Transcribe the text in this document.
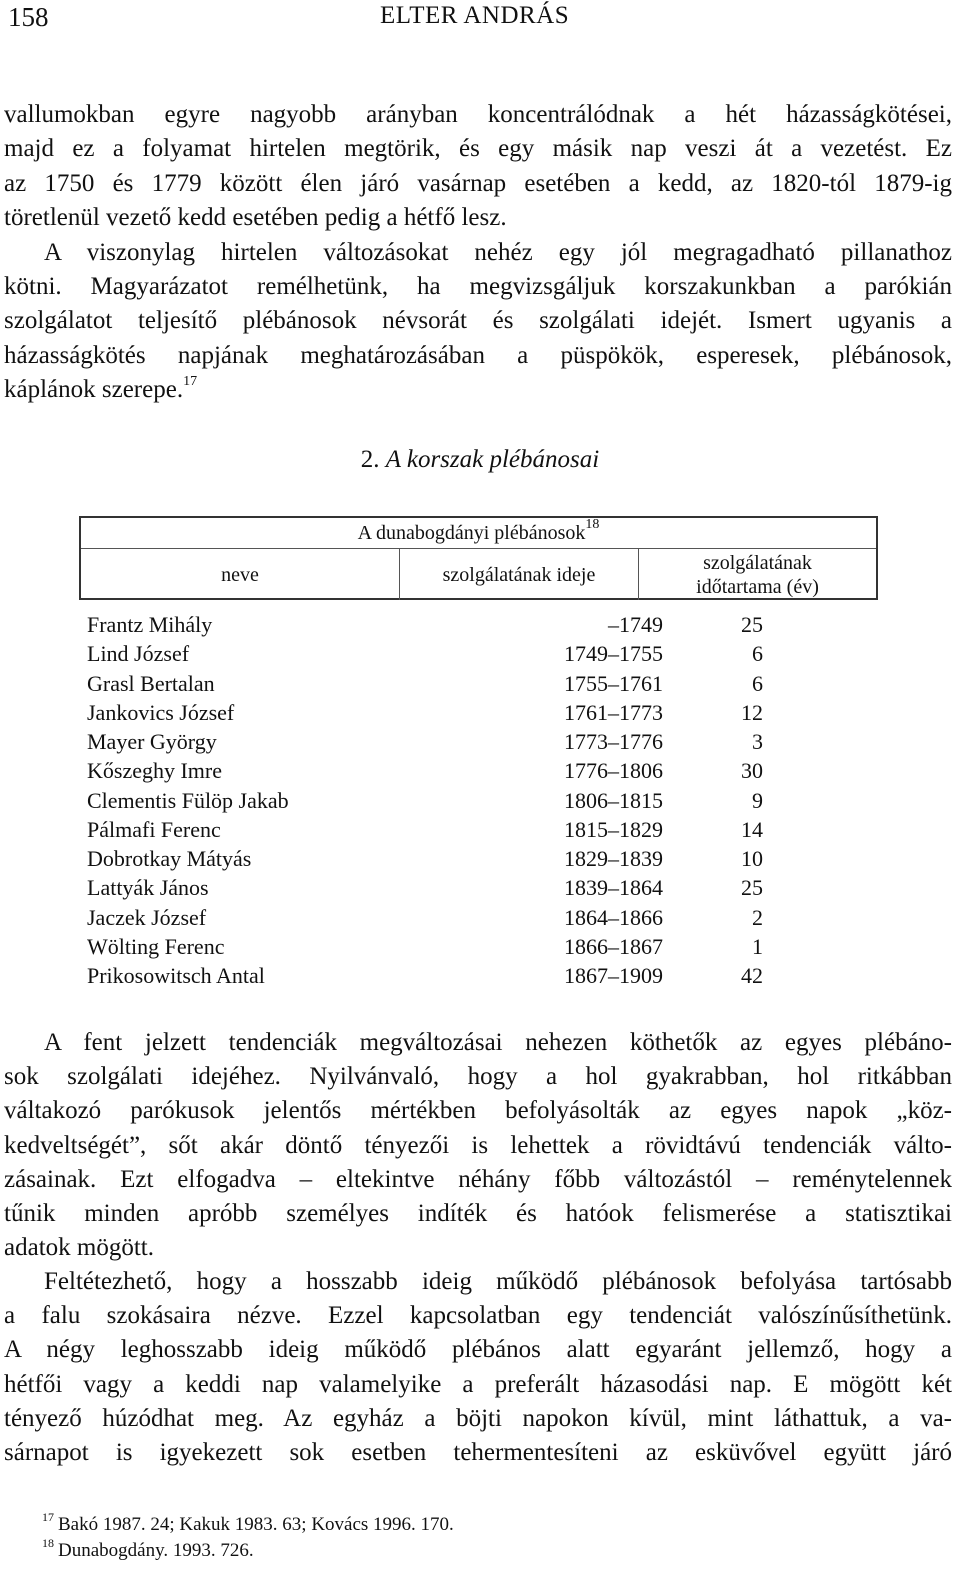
158	ELTER ANDRÁS
vallumokban egyre nagyobb arányban koncentrálódnak a hét házasságkötései,
majd ez a folyamat hirtelen megtörik, és egy másik nap veszi át a vezetést. Ez
az 1750 és 1779 között élen járó vasárnap esetében a kedd, az 1820-tól 1879-ig
töretlenül vezető kedd esetében pedig a hétfő lesz.
A viszonylag hirtelen változásokat nehéz egy jól megragadható pillanathoz
kötni. Magyarázatot remélhetünk, ha megvizsgáljuk korszakunkban a parókián
szolgálatot teljesítő plébánosok névsorát és szolgálati idejét. Ismert ugyanis a
házasságkötés napjának meghatározásában a püspökök, esperesek, plébánosok,
káplánok szerepe.$^{17}$
2. A korszak plébánosai
A dunabogdányi plébánosok$^{18}$
neve	szolgálatának ideje
szolgálatának
időtartama (év)
Frantz Mihály	–1749	25
Lind József	1749–1755	6
Grasl Bertalan	1755–1761	6
Jankovics József	1761–1773	12
Mayer György	1773–1776	3
Kőszeghy Imre	1776–1806	30
Clementis Fülöp Jakab	1806–1815	9
Pálmafi Ferenc	1815–1829	14
Dobrotkay Mátyás	1829–1839	10
Lattyák János	1839–1864	25
Jaczek József	1864–1866	2
Wölting Ferenc	1866–1867	1
Prikosowitsch Antal	1867–1909	42
A fent jelzett tendenciák megváltozásai nehezen köthetők az egyes plébáno-
sok szolgálati idejéhez. Nyilvánvaló, hogy a hol gyakrabban, hol ritkábban
váltakozó parókusok jelentős mértékben befolyásolták az egyes napok „köz-
kedveltségét”, sőt akár döntő tényezői is lehettek a rövidtávú tendenciák válto-
zásainak. Ezt elfogadva – eltekintve néhány főbb változástól – reménytelennek
tűnik minden apróbb személyes indíték és hatóok felismerése a statisztikai
adatok mögött.
Feltétezhető, hogy a hosszabb ideig működő plébánosok befolyása tartósabb
a falu szokásaira nézve. Ezzel kapcsolatban egy tendenciát valószínűsíthetünk.
A négy leghosszabb ideig működő plébános alatt egyaránt jellemző, hogy a
hétfői vagy a keddi nap valamelyike a preferált házasodási nap. E mögött két
tényező húzódhat meg. Az egyház a böjti napokon kívül, mint láthattuk, a va-
sárnapot is igyekezett sok esetben tehermentesíteni az esküvővel együtt járó
$^{17}$ Bakó 1987. 24; Kakuk 1983. 63; Kovács 1996. 170.
$^{18}$ Dunabogdány. 1993. 726.
